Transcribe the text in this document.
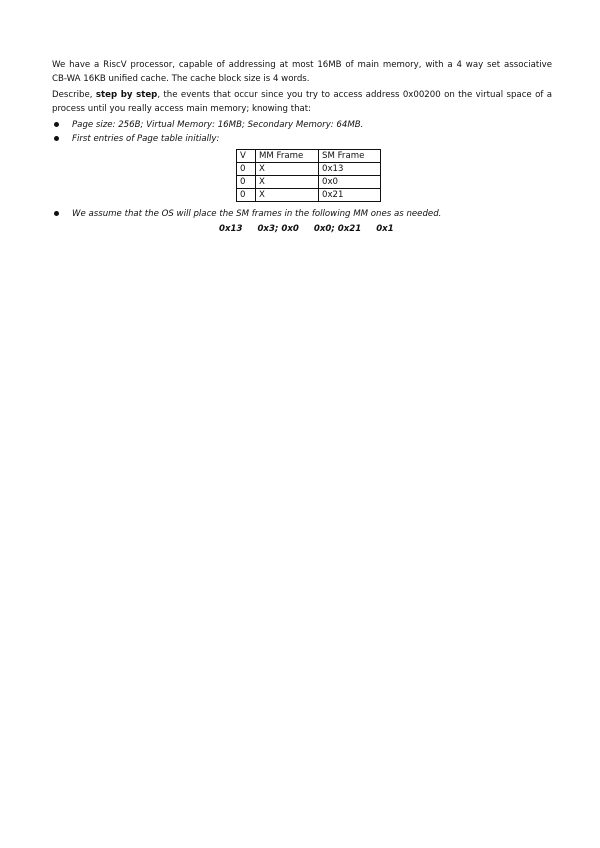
We have a RiscV processor, capable of addressing at most 16MB of main memory, with a 4 way set associative
CB-WA 16KB unified cache. The cache block size is 4 words.
Describe, step by step, the events that occur since you try to access address 0x00200 on the virtual space of a
process until you really access main memory; knowing that:
Page size: 256B; Virtual Memory: 16MB; Secondary Memory: 64MB.
First entries of Page table initially:
V	MM Frame	SM Frame
0	X	0x13
0	X	0x0
0	X	0x21
We assume that the OS will place the SM frames in the following MM ones as needed.
0x13     0x3; 0x0     0x0; 0x21     0x1
